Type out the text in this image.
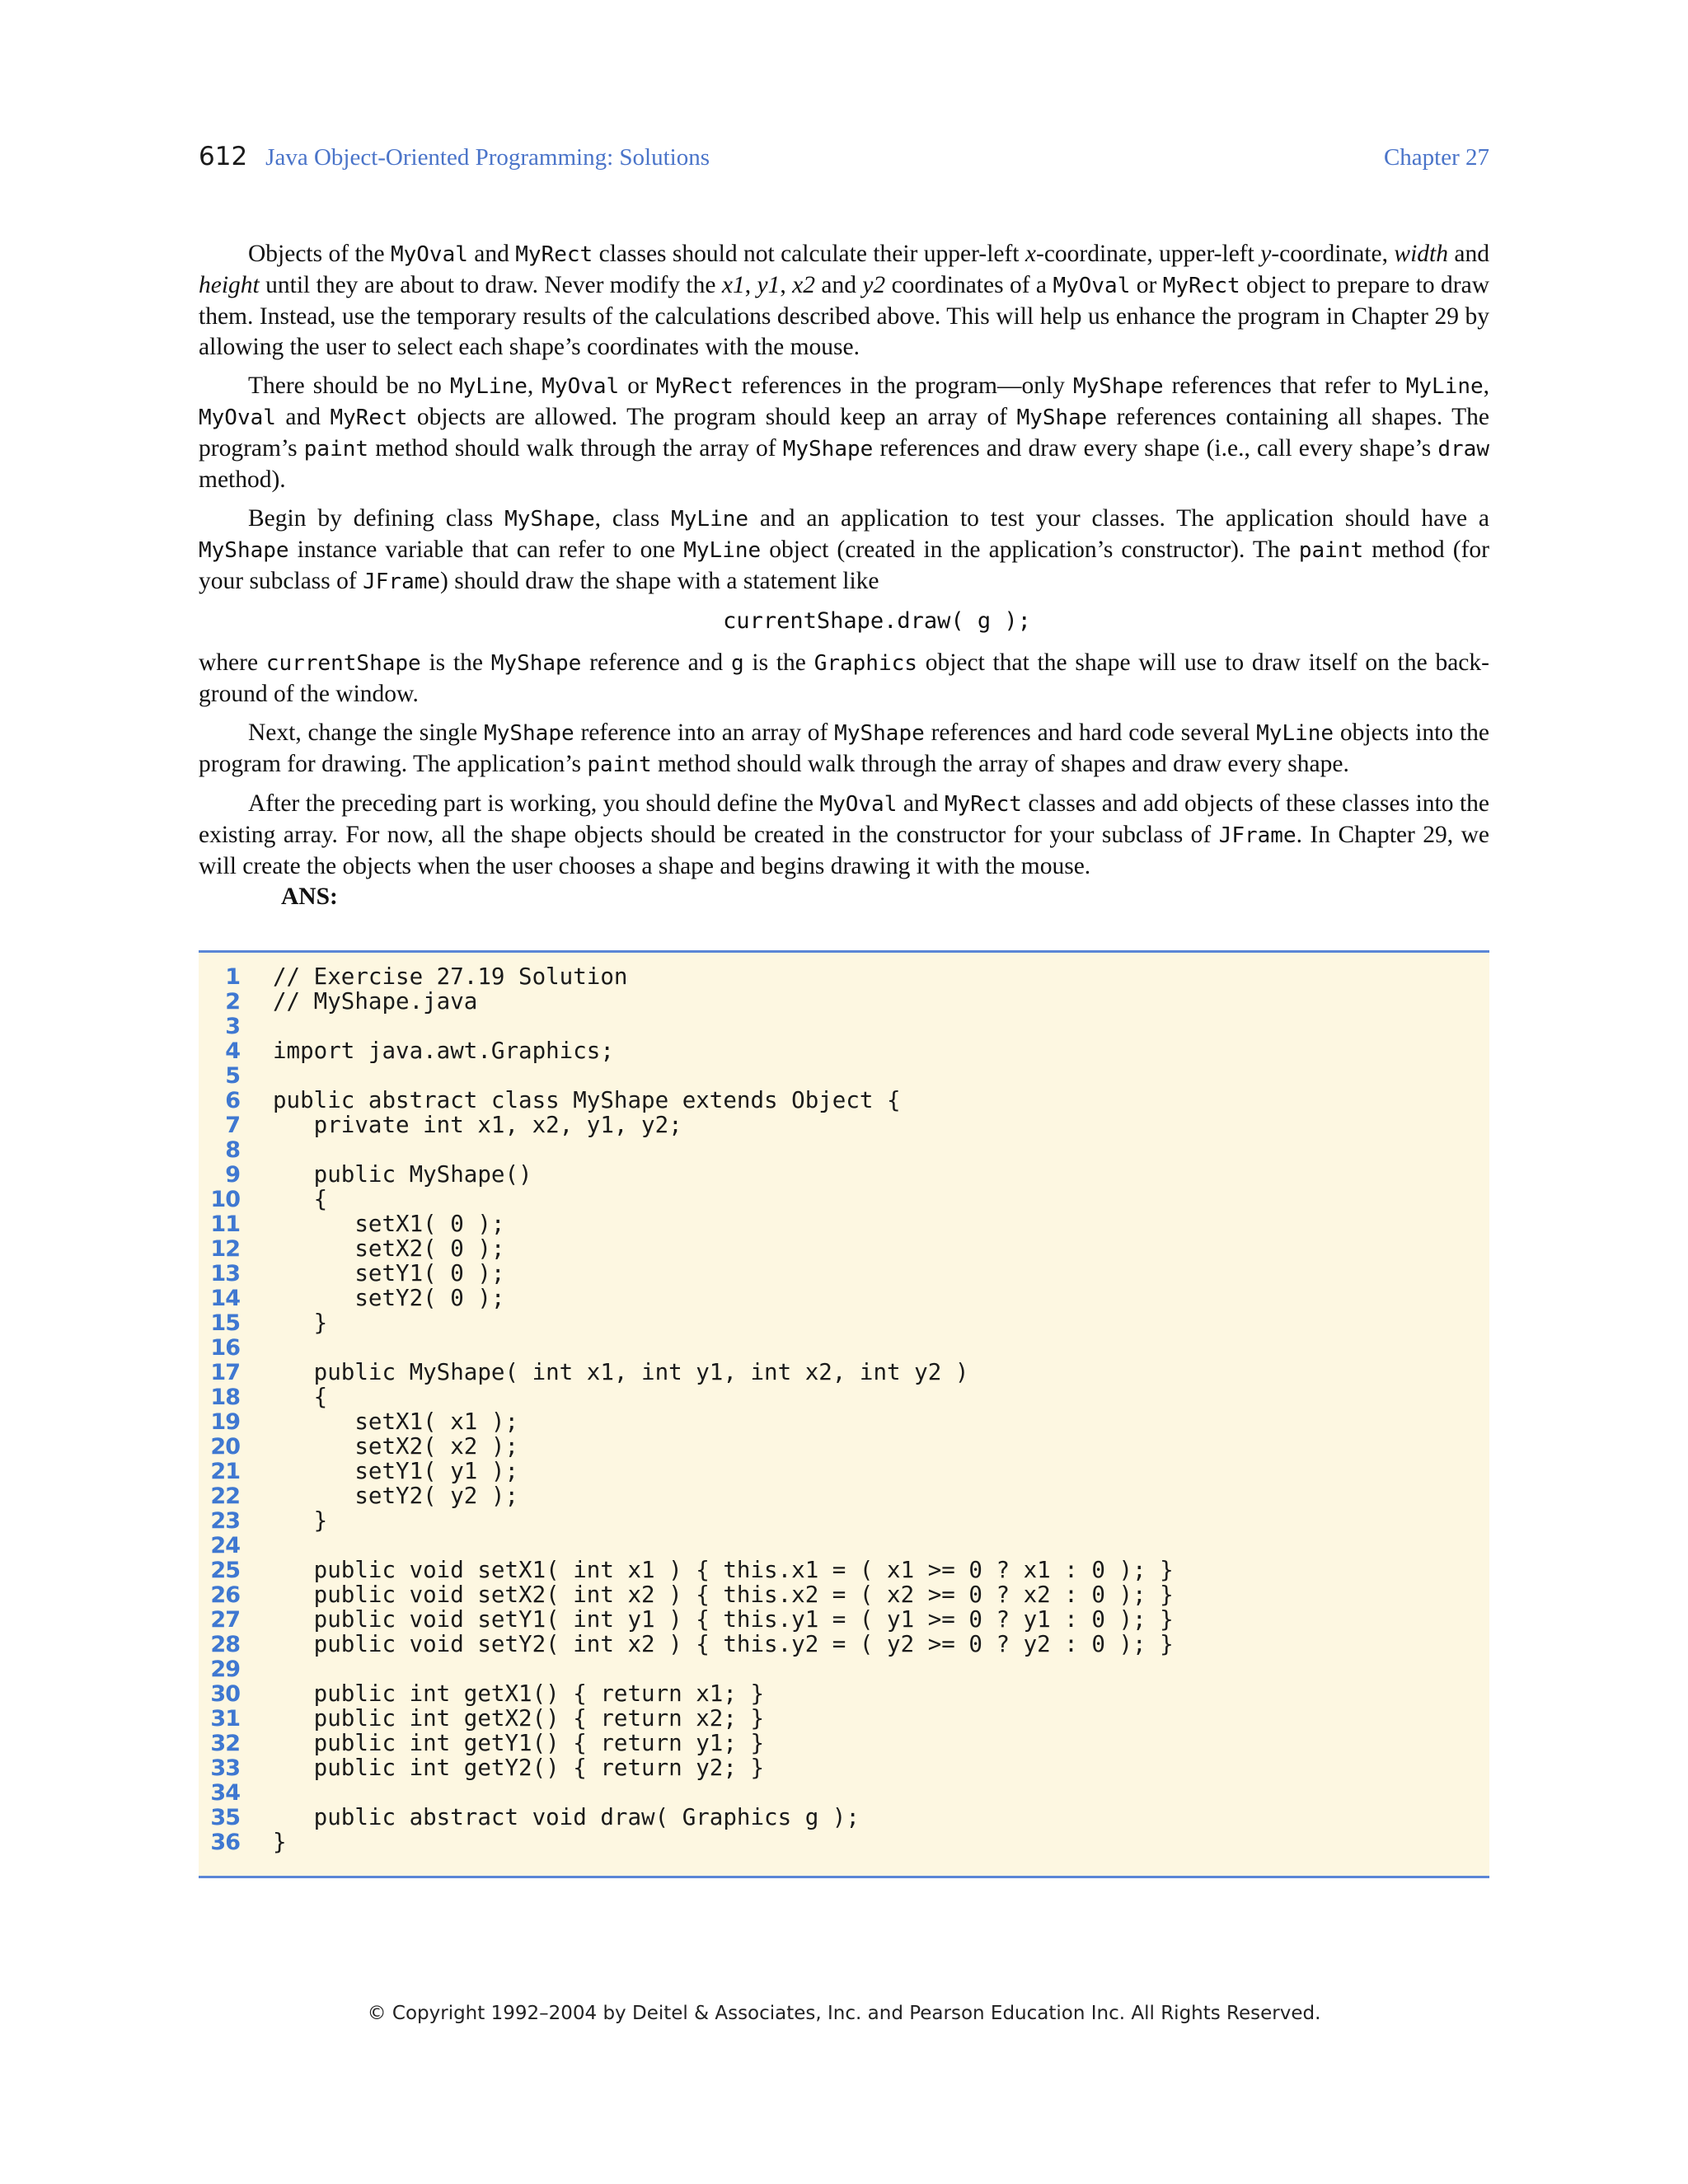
612 Java Object-Oriented Programming: Solutions	Chapter 27

Objects of the MyOval and MyRect classes should not calculate their upper-left x-coordinate, upper-left y-coordinate, width and height until they are about to draw. Never modify the x1, y1, x2 and y2 coordinates of a MyOval or MyRect object to prepare to draw them. Instead, use the temporary results of the calculations described above. This will help us enhance the program in Chapter 29 by allowing the user to select each shape’s coordinates with the mouse.

There should be no MyLine, MyOval or MyRect references in the program—only MyShape references that refer to MyLine, MyOval and MyRect objects are allowed. The program should keep an array of MyShape references containing all shapes. The program’s paint method should walk through the array of MyShape references and draw every shape (i.e., call every shape’s draw method).

Begin by defining class MyShape, class MyLine and an application to test your classes. The application should have a MyShape instance variable that can refer to one MyLine object (created in the application’s constructor). The paint method (for your subclass of JFrame) should draw the shape with a statement like

currentShape.draw( g );

where currentShape is the MyShape reference and g is the Graphics object that the shape will use to draw itself on the back-ground of the window.

Next, change the single MyShape reference into an array of MyShape references and hard code several MyLine objects into the program for drawing. The application’s paint method should walk through the array of shapes and draw every shape.

After the preceding part is working, you should define the MyOval and MyRect classes and add objects of these classes into the existing array. For now, all the shape objects should be created in the constructor for your subclass of JFrame. In Chapter 29, we will create the objects when the user chooses a shape and begins drawing it with the mouse.

ANS:
1 // Exercise 27.19 Solution
2 // MyShape.java
3
4 import java.awt.Graphics;
5
6 public abstract class MyShape extends Object {
7 private int x1, x2, y1, y2;
8
9 public MyShape()
10 {
11 setX1( 0 );
12 setX2( 0 );
13 setY1( 0 );
14 setY2( 0 );
15 }
16
17 public MyShape( int x1, int y1, int x2, int y2 )
18 {
19 setX1( x1 );
20 setX2( x2 );
21 setY1( y1 );
22 setY2( y2 );
23 }
24
25 public void setX1( int x1 ) { this.x1 = ( x1 >= 0 ? x1 : 0 ); }
26 public void setX2( int x2 ) { this.x2 = ( x2 >= 0 ? x2 : 0 ); }
27 public void setY1( int y1 ) { this.y1 = ( y1 >= 0 ? y1 : 0 ); }
28 public void setY2( int x2 ) { this.y2 = ( y2 >= 0 ? y2 : 0 ); }
29
30 public int getX1() { return x1; }
31 public int getX2() { return x2; }
32 public int getY1() { return y1; }
33 public int getY2() { return y2; }
34
35 public abstract void draw( Graphics g );
36 }
© Copyright 1992–2004 by Deitel & Associates, Inc. and Pearson Education Inc. All Rights Reserved.
